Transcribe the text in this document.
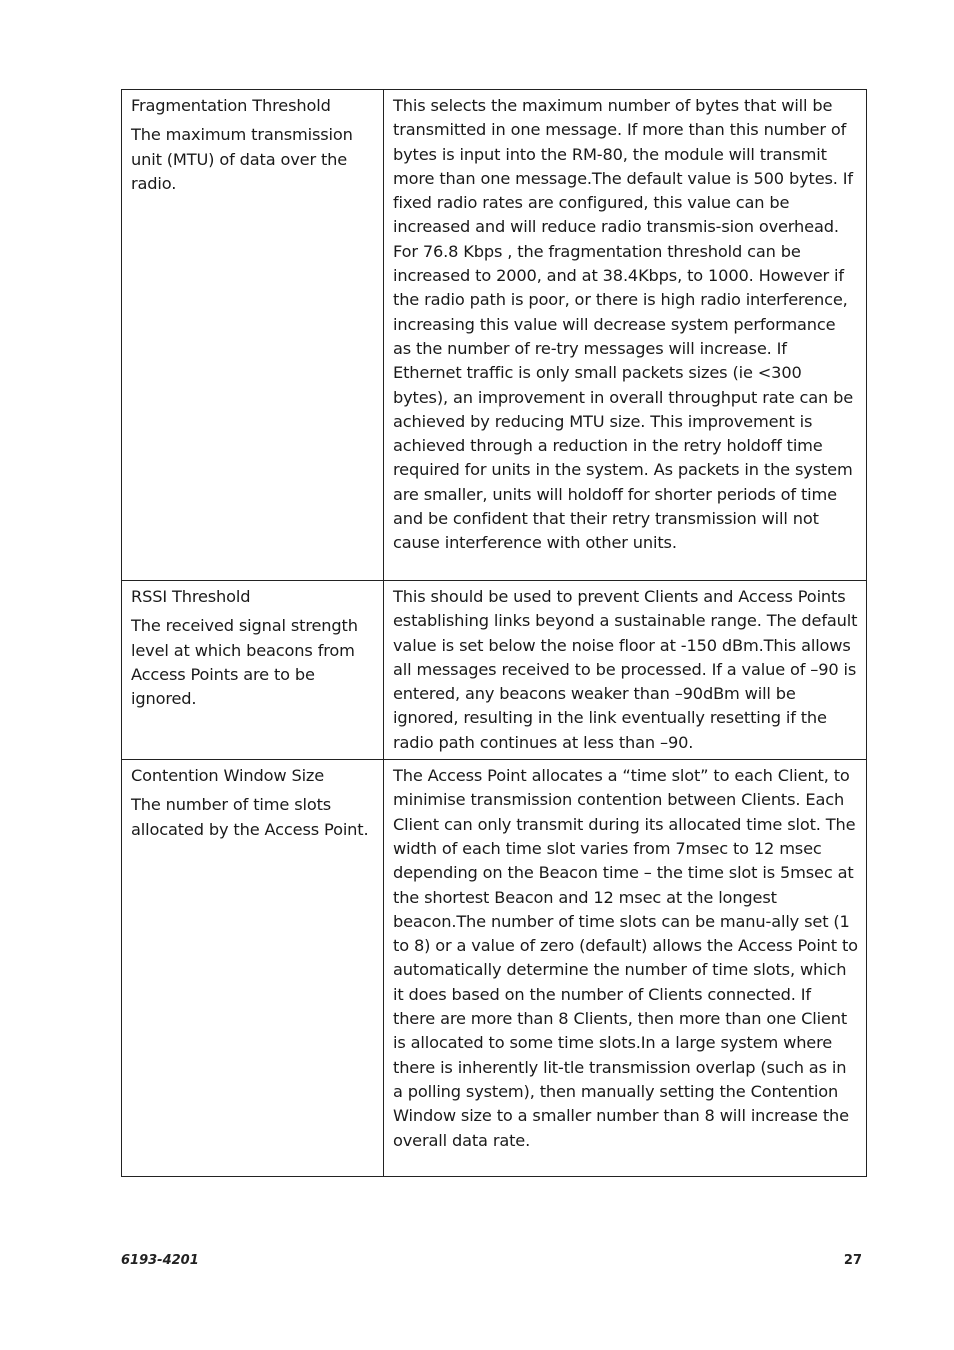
Fragmentation Threshold

The maximum transmission unit (MTU) of data over the radio.	This selects the maximum number of bytes that will be transmitted in one message. If more than this number of bytes is input into the RM-80, the module will transmit more than one message.The default value is 500 bytes. If fixed radio rates are configured, this value can be increased and will reduce radio transmis-sion overhead. For 76.8 Kbps , the fragmentation threshold can be increased to 2000, and at 38.4Kbps, to 1000. However if the radio path is poor, or there is high radio interference, increasing this value will decrease system performance as the number of re-try messages will increase. If Ethernet traffic is only small packets sizes (ie <300 bytes), an improvement in overall throughput rate can be achieved by reducing MTU size. This improvement is achieved through a reduction in the retry holdoff time required for units in the system. As packets in the system are smaller, units will holdoff for shorter periods of time and be confident that their retry transmission will not cause interference with other units.

RSSI Threshold

The received signal strength level at which beacons from Access Points are to be ignored.	This should be used to prevent Clients and Access Points establishing links beyond a sustainable range. The default value is set below the noise floor at -150 dBm.This allows all messages received to be processed. If a value of –90 is entered, any beacons weaker than –90dBm will be ignored, resulting in the link eventually resetting if the radio path continues at less than –90.

Contention Window Size

The number of time slots allocated by the Access Point.	The Access Point allocates a “time slot” to each Client, to minimise transmission contention between Clients. Each Client can only transmit during its allocated time slot. The width of each time slot varies from 7msec to 12 msec depending on the Beacon time – the time slot is 5msec at the shortest Beacon and 12 msec at the longest beacon.The number of time slots can be manu-ally set (1 to 8) or a value of zero (default) allows the Access Point to automatically determine the number of time slots, which it does based on the number of Clients connected. If there are more than 8 Clients, then more than one Client is allocated to some time slots.In a large system where there is inherently lit-tle transmission overlap (such as in a polling system), then manually setting the Contention Window size to a smaller number than 8 will increase the overall data rate.

6193-4201	27
